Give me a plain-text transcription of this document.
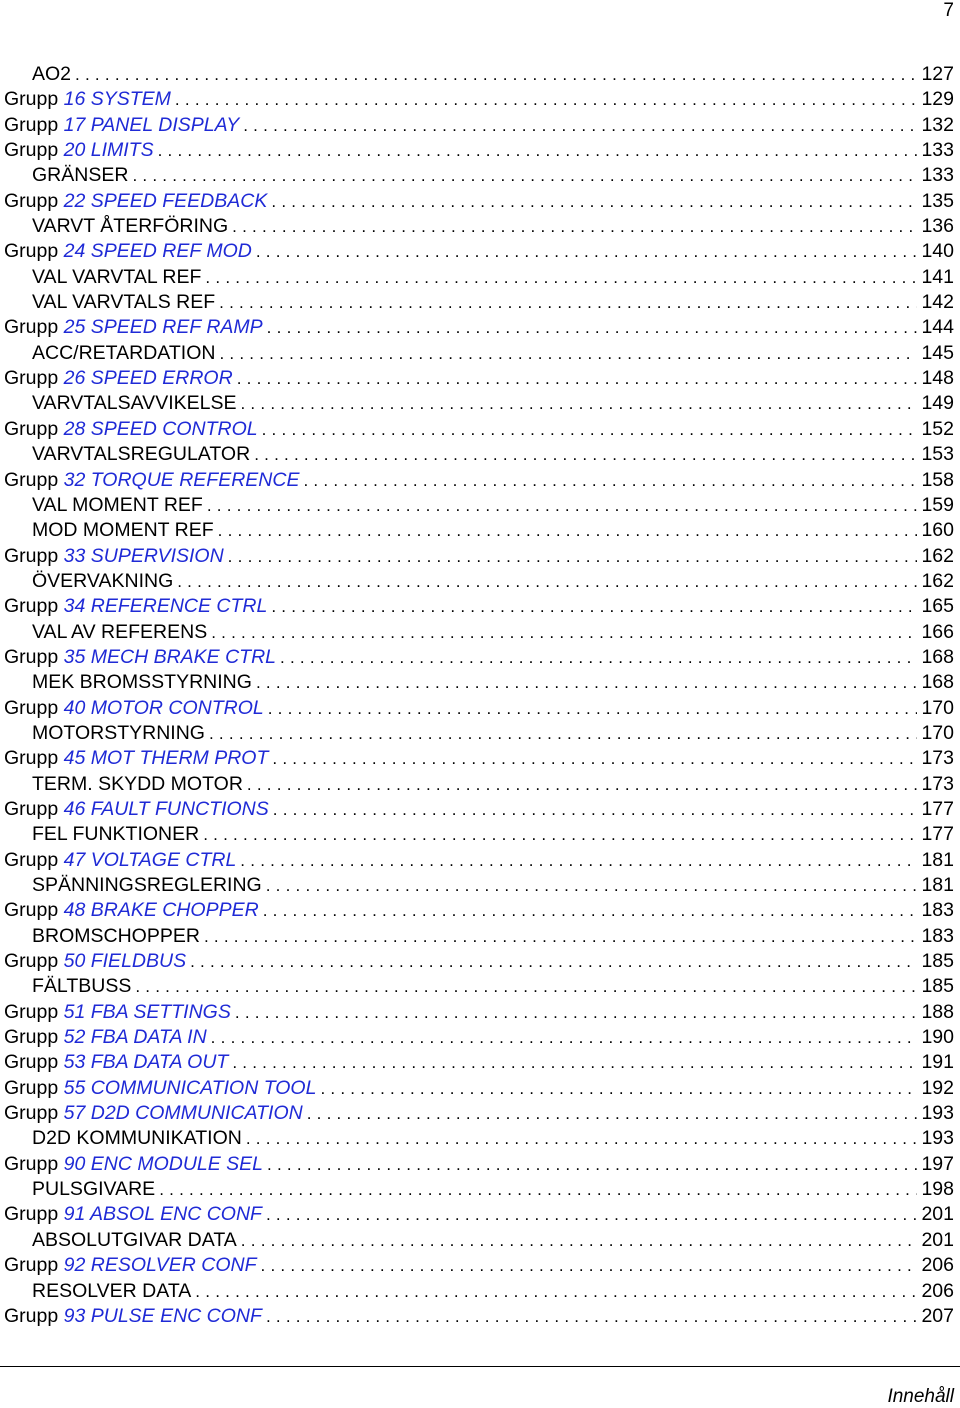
7
AO2 . . .	127
Grupp 16 SYSTEM . . .	129
Grupp 17 PANEL DISPLAY . . .	132
Grupp 20 LIMITS . . .	133
GRÄNSER . . .	133
Grupp 22 SPEED FEEDBACK . . .	135
VARVT ÅTERFÖRING . . .	136
Grupp 24 SPEED REF MOD . . .	140
VAL VARVTAL REF . . .	141
VAL VARVTALS REF . . .	142
Grupp 25 SPEED REF RAMP . . .	144
ACC/RETARDATION . . .	145
Grupp 26 SPEED ERROR . . .	148
VARVTALSAVVIKELSE . . .	149
Grupp 28 SPEED CONTROL . . .	152
VARVTALSREGULATOR . . .	153
Grupp 32 TORQUE REFERENCE . . .	158
VAL MOMENT REF . . .	159
MOD MOMENT REF . . .	160
Grupp 33 SUPERVISION . . .	162
ÖVERVAKNING . . .	162
Grupp 34 REFERENCE CTRL . . .	165
VAL AV REFERENS . . .	166
Grupp 35 MECH BRAKE CTRL . . .	168
MEK BROMSSTYRNING . . .	168
Grupp 40 MOTOR CONTROL . . .	170
MOTORSTYRNING . . .	170
Grupp 45 MOT THERM PROT . . .	173
TERM. SKYDD MOTOR . . .	173
Grupp 46 FAULT FUNCTIONS . . .	177
FEL FUNKTIONER . . .	177
Grupp 47 VOLTAGE CTRL . . .	181
SPÄNNINGSREGLERING . . .	181
Grupp 48 BRAKE CHOPPER . . .	183
BROMSCHOPPER . . .	183
Grupp 50 FIELDBUS . . .	185
FÄLTBUSS . . .	185
Grupp 51 FBA SETTINGS . . .	188
Grupp 52 FBA DATA IN . . .	190
Grupp 53 FBA DATA OUT . . .	191
Grupp 55 COMMUNICATION TOOL . . .	192
Grupp 57 D2D COMMUNICATION . . .	193
D2D KOMMUNIKATION . . .	193
Grupp 90 ENC MODULE SEL . . .	197
PULSGIVARE . . .	198
Grupp 91 ABSOL ENC CONF . . .	201
ABSOLUTGIVAR DATA . . .	201
Grupp 92 RESOLVER CONF . . .	206
RESOLVER DATA . . .	206
Grupp 93 PULSE ENC CONF . . .	207
Innehåll
